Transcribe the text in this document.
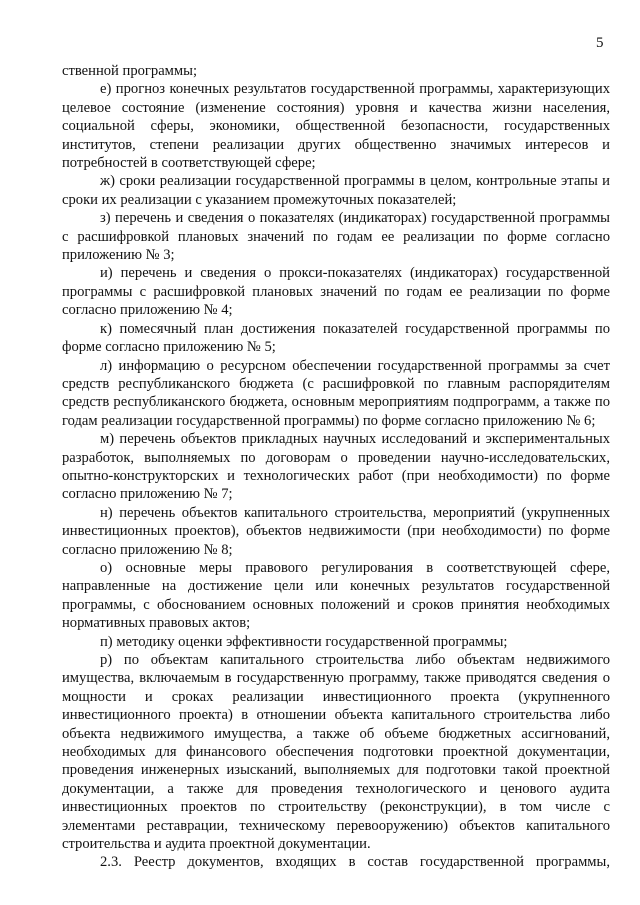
5

ственной программы;

е) прогноз конечных результатов государственной программы, характеризующих целевое состояние (изменение состояния) уровня и качества жизни населения, социальной сферы, экономики, общественной безопасности, государственных институтов, степени реализации других общественно значимых интересов и потребностей в соответствующей сфере;

ж) сроки реализации государственной программы в целом, контрольные этапы и сроки их реализации с указанием промежуточных показателей;

з) перечень и сведения о показателях (индикаторах) государственной программы с расшифровкой плановых значений по годам ее реализации по форме согласно приложению № 3;

и) перечень и сведения о прокси-показателях (индикаторах) государственной программы с расшифровкой плановых значений по годам ее реализации по форме согласно приложению № 4;

к) помесячный план достижения показателей государственной программы по форме согласно приложению № 5;

л) информацию о ресурсном обеспечении государственной программы за счет средств республиканского бюджета (с расшифровкой по главным распорядителям средств республиканского бюджета, основным мероприятиям подпрограмм, а также по годам реализации государственной программы) по форме согласно приложению № 6;

м) перечень объектов прикладных научных исследований и экспериментальных разработок, выполняемых по договорам о проведении научно-исследовательских, опытно-конструкторских и технологических работ (при необходимости) по форме согласно приложению № 7;

н) перечень объектов капитального строительства, мероприятий (укрупненных инвестиционных проектов), объектов недвижимости (при необходимости) по форме согласно приложению № 8;

о) основные меры правового регулирования в соответствующей сфере, направленные на достижение цели или конечных результатов государственной программы, с обоснованием основных положений и сроков принятия необходимых нормативных правовых актов;

п) методику оценки эффективности государственной программы;

р) по объектам капитального строительства либо объектам недвижимого имущества, включаемым в государственную программу, также приводятся сведения о мощности и сроках реализации инвестиционного проекта (укрупненного инвестиционного проекта) в отношении объекта капитального строительства либо объекта недвижимого имущества, а также об объеме бюджетных ассигнований, необходимых для финансового обеспечения подготовки проектной документации, проведения инженерных изысканий, выполняемых для подготовки такой проектной документации, а также для проведения технологического и ценового аудита инвестиционных проектов по строительству (реконструкции), в том числе с элементами реставрации, техническому перевооружению) объектов капитального строительства и аудита проектной документации.

2.3. Реестр документов, входящих в состав государственной программы,
